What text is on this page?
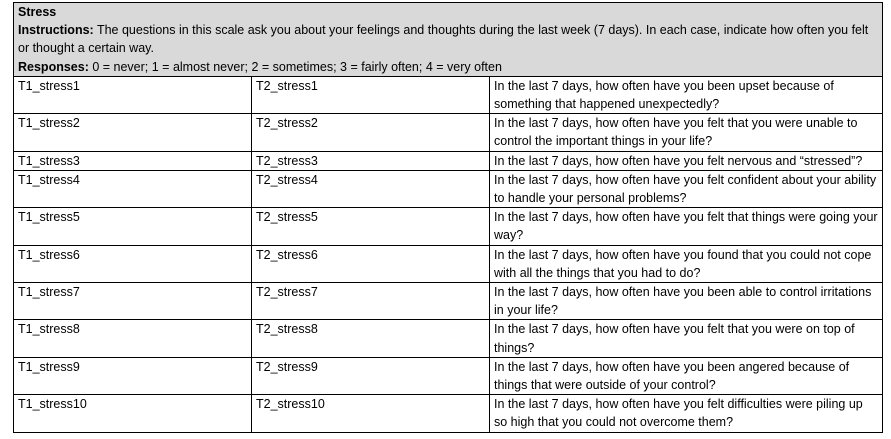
Stress
Instructions: The questions in this scale ask you about your feelings and thoughts during the last week (7 days). In each case, indicate how often you felt or thought a certain way.
Responses: 0 = never; 1 = almost never; 2 = sometimes; 3 = fairly often; 4 = very often		

T1_stress1	T2_stress1	In the last 7 days, how often have you been upset because of something that happened unexpectedly?
T1_stress2	T2_stress2	In the last 7 days, how often have you felt that you were unable to control the important things in your life?
T1_stress3	T2_stress3	In the last 7 days, how often have you felt nervous and “stressed”?
T1_stress4	T2_stress4	In the last 7 days, how often have you felt confident about your ability to handle your personal problems?
T1_stress5	T2_stress5	In the last 7 days, how often have you felt that things were going your way?
T1_stress6	T2_stress6	In the last 7 days, how often have you found that you could not cope with all the things that you had to do?
T1_stress7	T2_stress7	In the last 7 days, how often have you been able to control irritations in your life?
T1_stress8	T2_stress8	In the last 7 days, how often have you felt that you were on top of things?
T1_stress9	T2_stress9	In the last 7 days, how often have you been angered because of things that were outside of your control?
T1_stress10	T2_stress10	In the last 7 days, how often have you felt difficulties were piling up so high that you could not overcome them?
